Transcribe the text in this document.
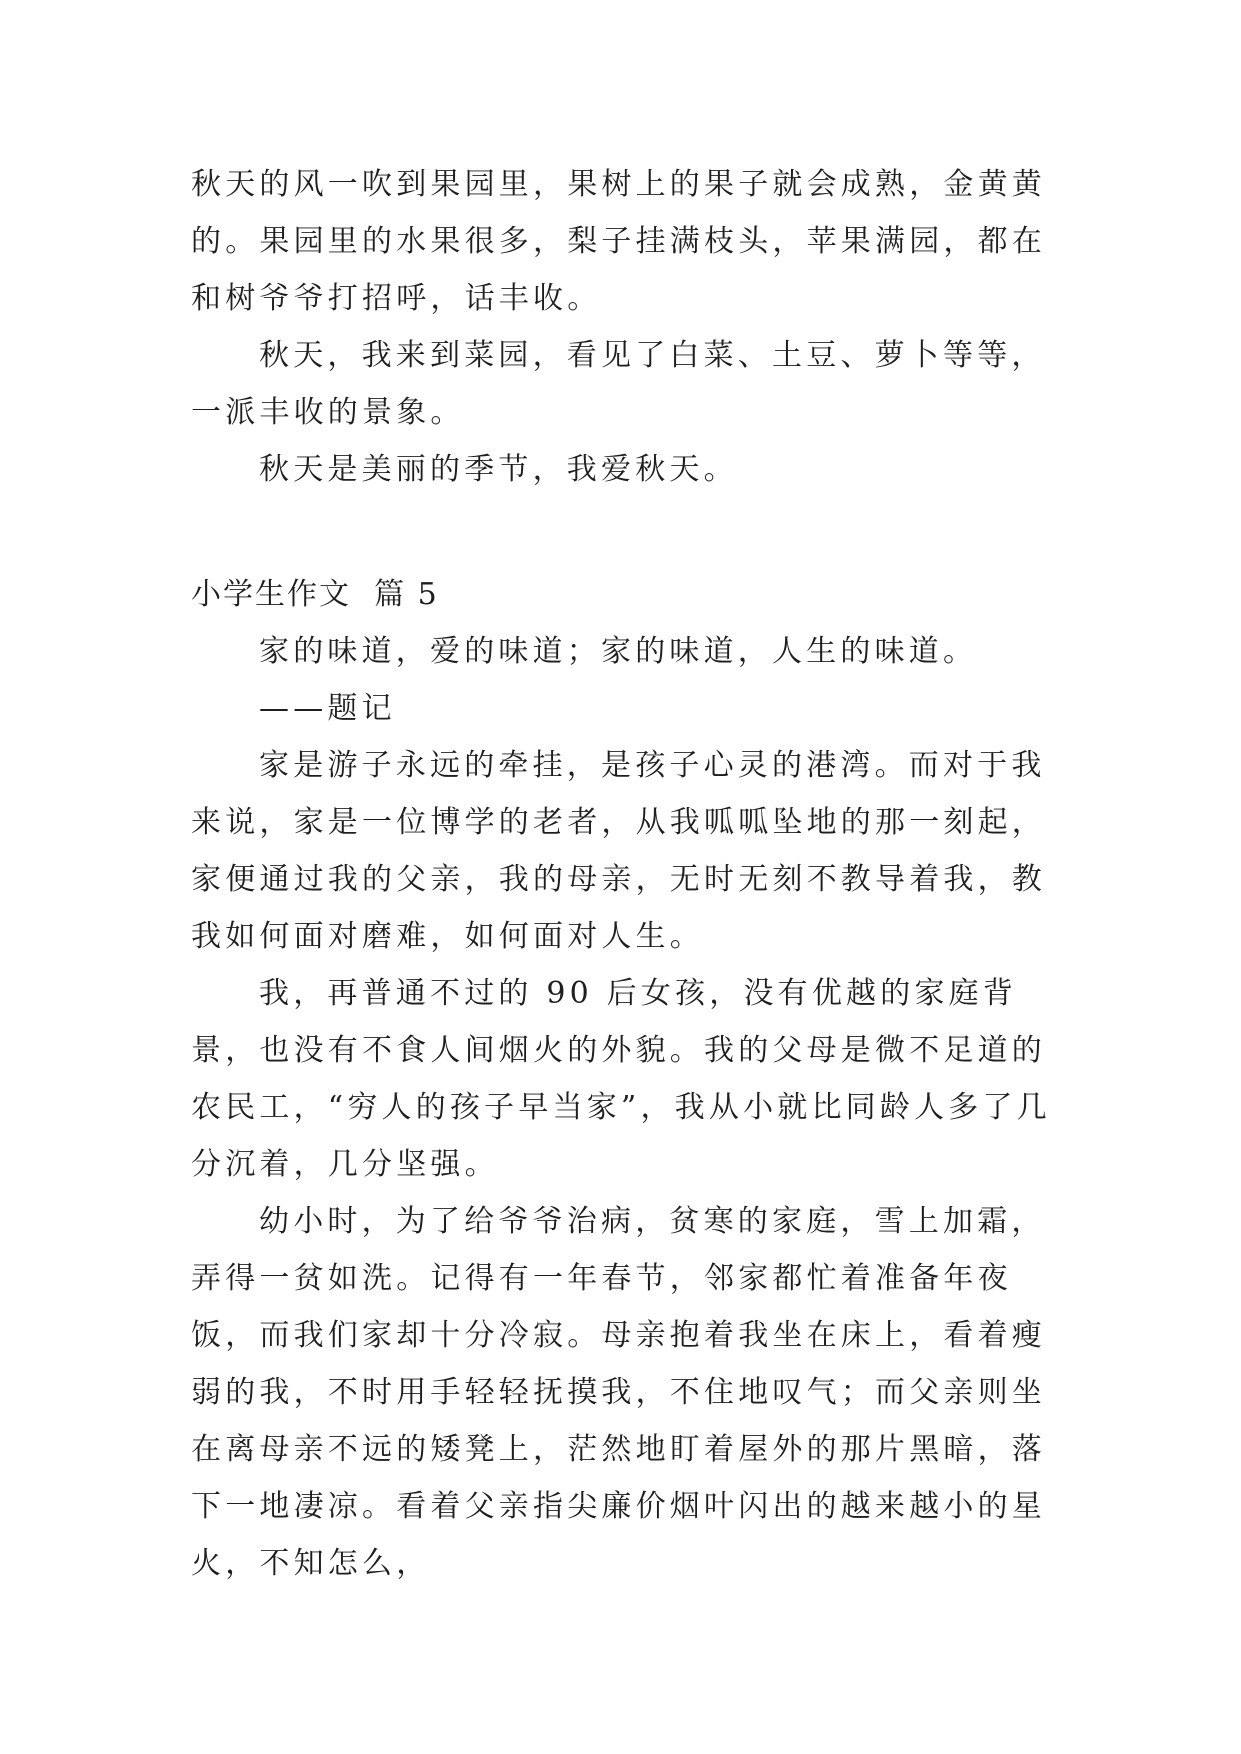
秋天的风一吹到果园里，果树上的果子就会成熟，金黄黄的。果园里的水果很多，梨子挂满枝头，苹果满园，都在和树爷爷打招呼，话丰收。

秋天，我来到菜园，看见了白菜、土豆、萝卜等等，一派丰收的景象。

秋天是美丽的季节，我爱秋天。

小学生作文  篇 5

家的味道，爱的味道；家的味道，人生的味道。

——题记

家是游子永远的牵挂，是孩子心灵的港湾。而对于我来说，家是一位博学的老者，从我呱呱坠地的那一刻起，家便通过我的父亲，我的母亲，无时无刻不教导着我，教我如何面对磨难，如何面对人生。

我，再普通不过的 90 后女孩，没有优越的家庭背景，也没有不食人间烟火的外貌。我的父母是微不足道的农民工，“穷人的孩子早当家”，我从小就比同龄人多了几分沉着，几分坚强。

幼小时，为了给爷爷治病，贫寒的家庭，雪上加霜，弄得一贫如洗。记得有一年春节，邻家都忙着准备年夜饭，而我们家却十分冷寂。母亲抱着我坐在床上，看着瘦弱的我，不时用手轻轻抚摸我，不住地叹气；而父亲则坐在离母亲不远的矮凳上，茫然地盯着屋外的那片黑暗，落下一地凄凉。看着父亲指尖廉价烟叶闪出的越来越小的星火，不知怎么，
